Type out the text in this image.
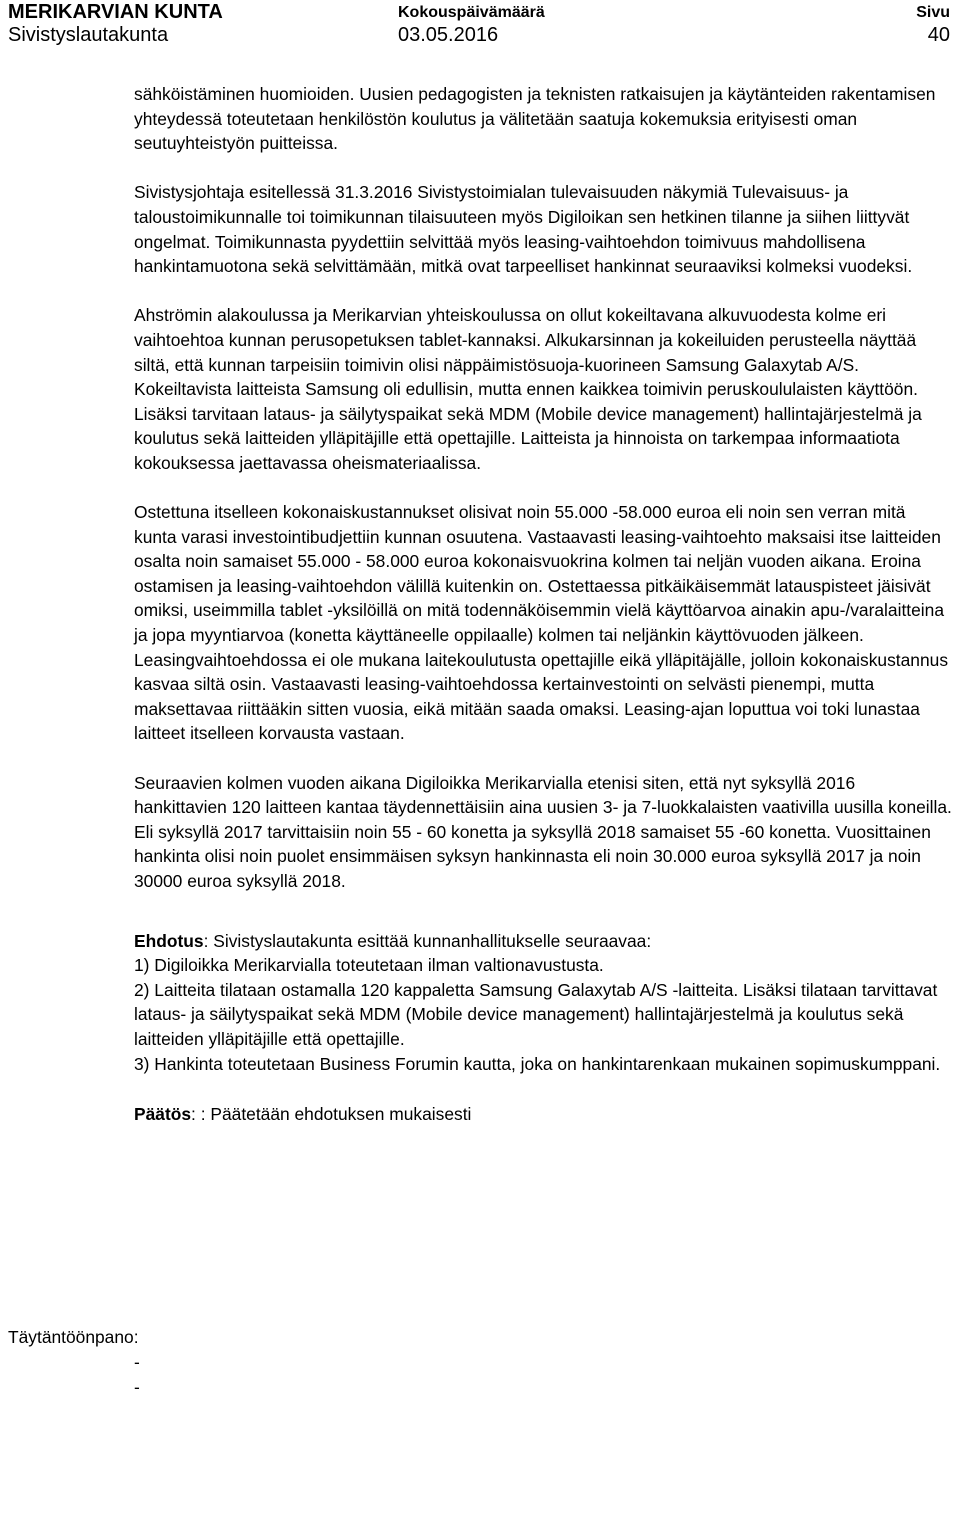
MERIKARVIAN KUNTA
Sivistyslautakunta
Kokouspäivämäärä
03.05.2016
Sivu
40

sähköistäminen huomioiden. Uusien pedagogisten ja teknisten ratkaisujen ja käytänteiden rakentamisen yhteydessä toteutetaan henkilöstön koulutus ja välitetään saatuja kokemuksia erityisesti oman seutuyhteistyön puitteissa.

Sivistysjohtaja esitellessä 31.3.2016 Sivistystoimialan tulevaisuuden näkymiä Tulevaisuus- ja taloustoimikunnalle toi toimikunnan tilaisuuteen myös Digiloikan sen hetkinen tilanne ja siihen liittyvät ongelmat. Toimikunnasta pyydettiin selvittää myös leasing-vaihtoehdon toimivuus mahdollisena hankintamuotona sekä selvittämään, mitkä ovat tarpeelliset hankinnat seuraaviksi kolmeksi vuodeksi.

Ahströmin alakoulussa ja Merikarvian yhteiskoulussa on ollut kokeiltavana alkuvuodesta kolme eri vaihtoehtoa kunnan perusopetuksen tablet-kannaksi. Alkukarsinnan ja kokeiluiden perusteella näyttää siltä, että kunnan tarpeisiin toimivin olisi näppäimistösuoja-kuorineen Samsung Galaxytab A/S. Kokeiltavista laitteista Samsung oli edullisin, mutta ennen kaikkea toimivin peruskoululaisten käyttöön. Lisäksi tarvitaan lataus- ja säilytyspaikat sekä MDM (Mobile device management) hallintajärjestelmä ja koulutus sekä laitteiden ylläpitäjille että opettajille. Laitteista ja hinnoista on tarkempaa informaatiota kokouksessa jaettavassa oheismateriaalissa.

Ostettuna itselleen kokonaiskustannukset olisivat noin 55.000 -58.000 euroa eli noin sen verran mitä kunta varasi investointibudjettiin kunnan osuutena. Vastaavasti leasing-vaihtoehto maksaisi itse laitteiden osalta noin samaiset 55.000 - 58.000 euroa kokonaisvuokrina kolmen tai neljän vuoden aikana. Eroina ostamisen ja leasing-vaihtoehdon välillä kuitenkin on. Ostettaessa pitkäikäisemmät latauspisteet jäisivät omiksi, useimmilla tablet -yksilöillä on mitä todennäköisemmin vielä käyttöarvoa ainakin apu-/varalaitteina ja jopa myyntiarvoa (konetta käyttäneelle oppilaalle) kolmen tai neljänkin käyttövuoden jälkeen. Leasingvaihtoehdossa ei ole mukana laitekoulutusta opettajille eikä ylläpitäjälle, jolloin kokonaiskustannus kasvaa siltä osin. Vastaavasti leasing-vaihtoehdossa kertainvestointi on selvästi pienempi, mutta maksettavaa riittääkin sitten vuosia, eikä mitään saada omaksi. Leasing-ajan loputtua voi toki lunastaa laitteet itselleen korvausta vastaan.

Seuraavien kolmen vuoden aikana Digiloikka Merikarvialla etenisi siten, että nyt syksyllä 2016 hankittavien 120 laitteen kantaa täydennettäisiin aina uusien 3- ja 7-luokkalaisten vaativilla uusilla koneilla. Eli syksyllä 2017 tarvittaisiin noin 55 - 60 konetta ja syksyllä 2018 samaiset 55 -60 konetta. Vuosittainen hankinta olisi noin puolet ensimmäisen syksyn hankinnasta eli noin 30.000 euroa syksyllä 2017 ja noin 30000 euroa syksyllä 2018.

Ehdotus: Sivistyslautakunta esittää kunnanhallitukselle seuraavaa:

1) Digiloikka Merikarvialla toteutetaan ilman valtionavustusta.

2) Laitteita tilataan ostamalla 120 kappaletta Samsung Galaxytab A/S -laitteita. Lisäksi tilataan tarvittavat lataus- ja säilytyspaikat sekä MDM (Mobile device management) hallintajärjestelmä ja koulutus sekä laitteiden ylläpitäjille että opettajille.

3) Hankinta toteutetaan Business Forumin kautta, joka on hankintarenkaan mukainen sopimuskumppani.

Päätös: : Päätetään ehdotuksen mukaisesti

Täytäntöönpano:
-
-
